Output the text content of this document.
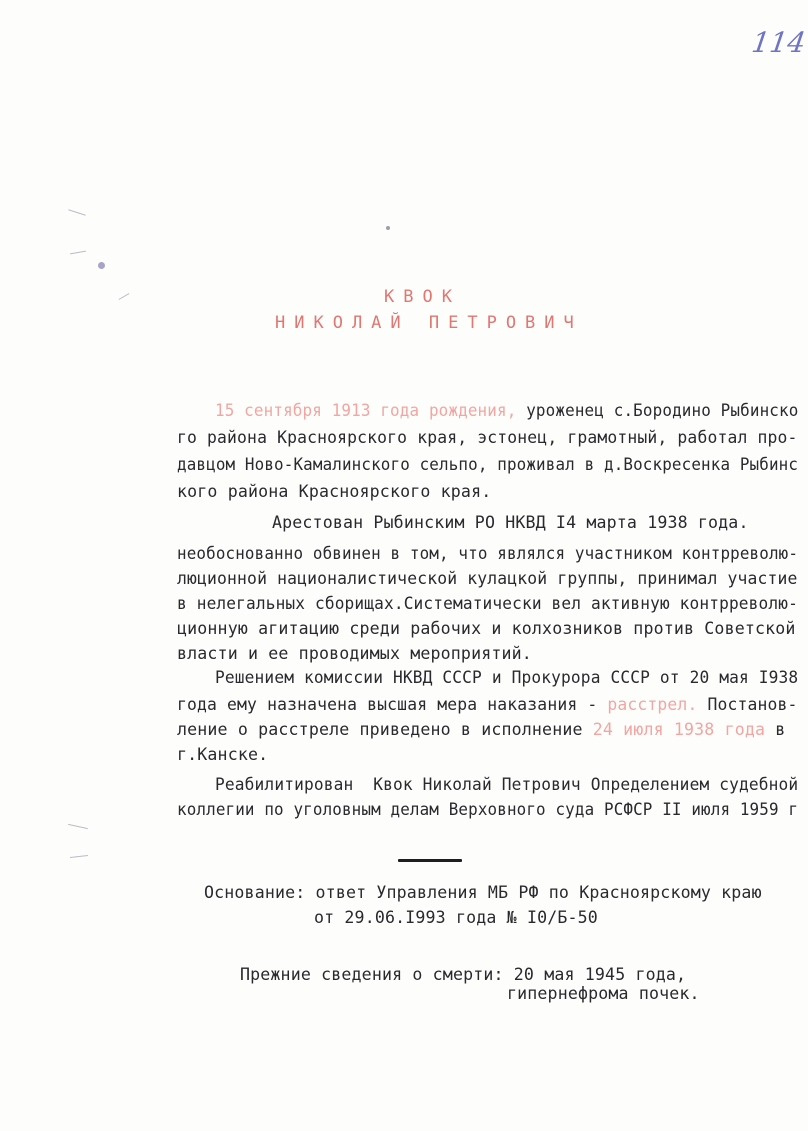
114
КВОК
НИКОЛАЙ ПЕТРОВИЧ
15 сентября 1913 года рождения, уроженец с.Бородино Рыбинско
го района Красноярского края, эстонец, грамотный, работал про-
давцом Ново-Камалинского сельпо, проживал в д.Воскресенка Рыбинс
кого района Красноярского края.
Арестован Рыбинским РО НКВД I4 марта 1938 года.
необоснованно обвинен в том, что являлся участником контрреволю-
люционной националистической кулацкой группы, принимал участие
в нелегальных сборищах.Систематически вел активную контрреволю-
ционную агитацию среди рабочих и колхозников против Советской
власти и ее проводимых мероприятий.
Решением комиссии НКВД СССР и Прокурора СССР от 20 мая I938
года ему назначена высшая мера наказания - расстрел. Постанов-
ление о расстреле приведено в исполнение 24 июля 1938 года в
г.Канске.
Реабилитирован  Квок Николай Петрович Определением судебной
коллегии по уголовным делам Верховного суда РСФСР II июля 1959 г
Основание: ответ Управления МБ РФ по Красноярскому краю
от 29.06.I993 года № I0/Б-50
Прежние сведения о смерти: 20 мая 1945 года,
гипернефрома почек.
